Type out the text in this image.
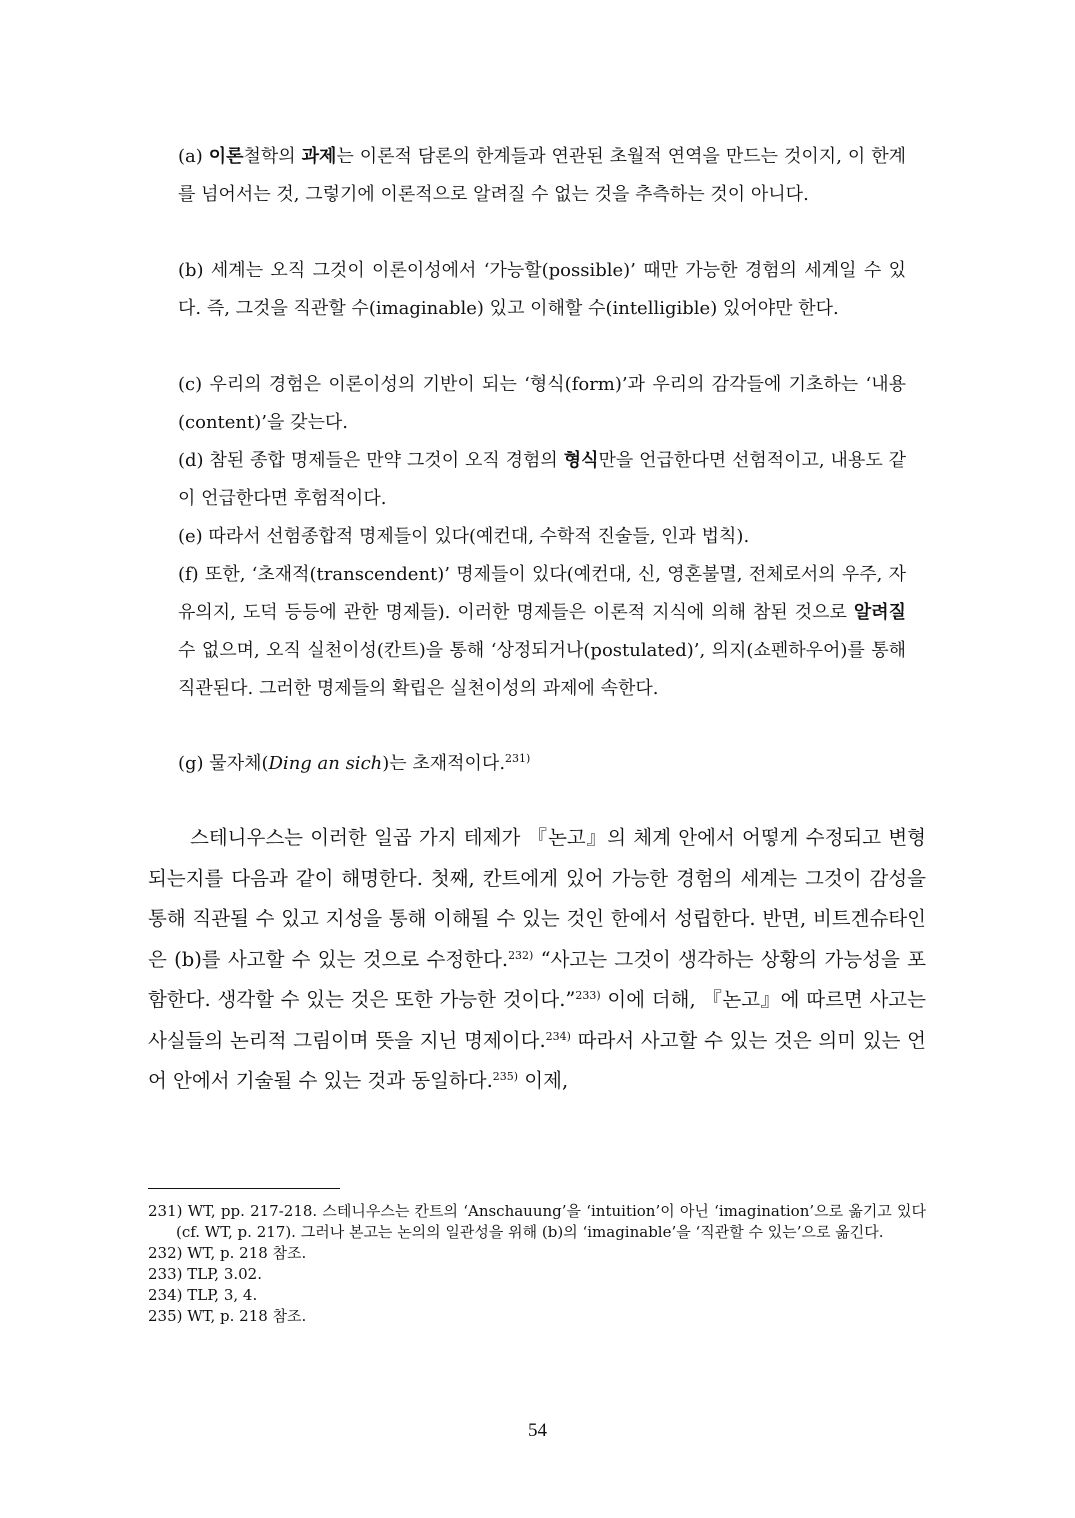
(a) 이론철학의 과제는 이론적 담론의 한계들과 연관된 초월적 연역을 만드는 것이지, 이 한계를 넘어서는 것, 그렇기에 이론적으로 알려질 수 없는 것을 추측하는 것이 아니다.
(b) 세계는 오직 그것이 이론이성에서 ‘가능할(possible)’ 때만 가능한 경험의 세계일 수 있다. 즉, 그것을 직관할 수(imaginable) 있고 이해할 수(intelligible) 있어야만 한다.
(c) 우리의 경험은 이론이성의 기반이 되는 ‘형식(form)’과 우리의 감각들에 기초하는 ‘내용(content)’을 갖는다.
(d) 참된 종합 명제들은 만약 그것이 오직 경험의 형식만을 언급한다면 선험적이고, 내용도 같이 언급한다면 후험적이다.
(e) 따라서 선험종합적 명제들이 있다(예컨대, 수학적 진술들, 인과 법칙).
(f) 또한, ‘초재적(transcendent)’ 명제들이 있다(예컨대, 신, 영혼불멸, 전체로서의 우주, 자유의지, 도덕 등등에 관한 명제들). 이러한 명제들은 이론적 지식에 의해 참된 것으로 알려질 수 없으며, 오직 실천이성(칸트)을 통해 ‘상정되거나(postulated)’, 의지(쇼펜하우어)를 통해 직관된다. 그러한 명제들의 확립은 실천이성의 과제에 속한다.
(g) 물자체(Ding an sich)는 초재적이다.$^{231)}$
스테니우스는 이러한 일곱 가지 테제가 『논고』의 체계 안에서 어떻게 수정되고 변형되는지를 다음과 같이 해명한다. 첫째, 칸트에게 있어 가능한 경험의 세계는 그것이 감성을 통해 직관될 수 있고 지성을 통해 이해될 수 있는 것인 한에서 성립한다. 반면, 비트겐슈타인은 (b)를 사고할 수 있는 것으로 수정한다.$^{232)}$ “사고는 그것이 생각하는 상황의 가능성을 포함한다. 생각할 수 있는 것은 또한 가능한 것이다.”$^{233)}$ 이에 더해, 『논고』에 따르면 사고는 사실들의 논리적 그림이며 뜻을 지닌 명제이다.$^{234)}$ 따라서 사고할 수 있는 것은 의미 있는 언어 안에서 기술될 수 있는 것과 동일하다.$^{235)}$ 이제,
231) WT, pp. 217-218. 스테니우스는 칸트의 ‘Anschauung’을 ‘intuition’이 아닌 ‘imagination’으로 옮기고 있다(cf. WT, p. 217). 그러나 본고는 논의의 일관성을 위해 (b)의 ‘imaginable’을 ‘직관할 수 있는’으로 옮긴다.
232) WT, p. 218 참조.
233) TLP, 3.02.
234) TLP, 3, 4.
235) WT, p. 218 참조.
54
